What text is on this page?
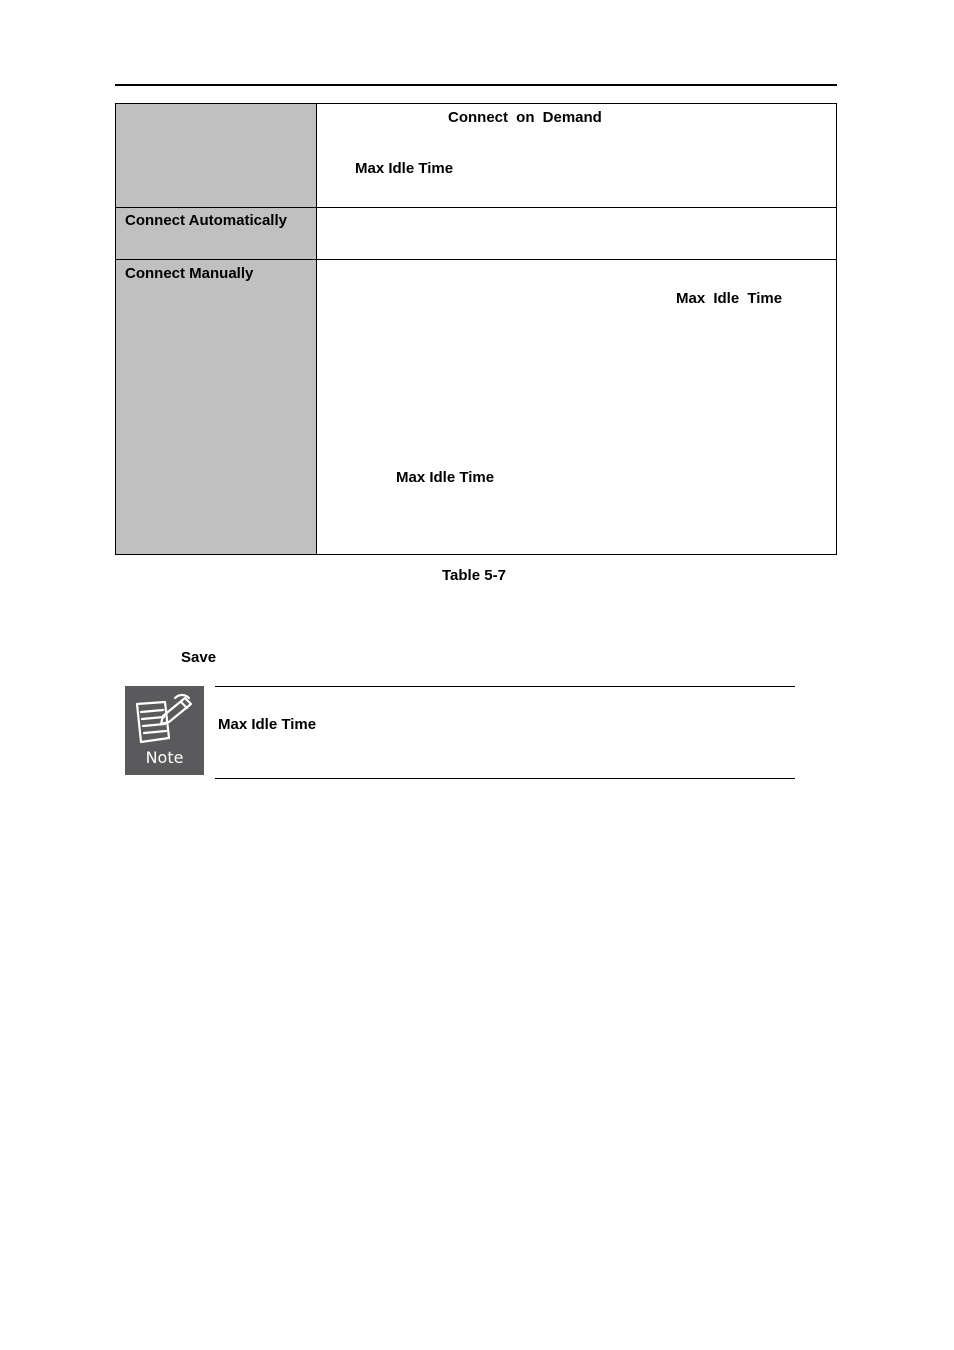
Connect on Demand
Max Idle Time
Connect Automatically
Connect Manually
Max Idle Time
Max Idle Time
Table 5-7
Save
Note
Max Idle Time
